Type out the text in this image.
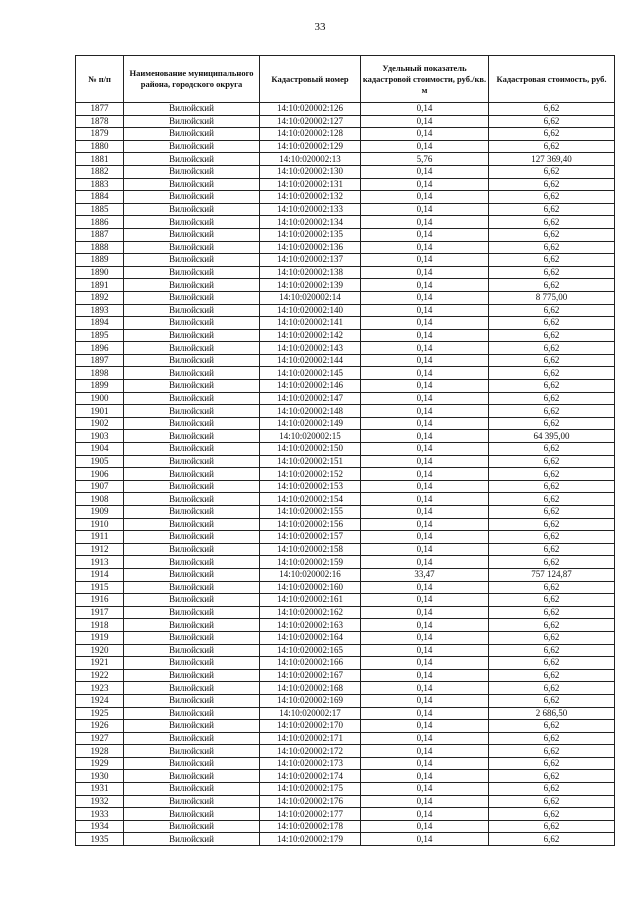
33
№ п/п	Наименование муниципального района, городского округа	Кадастровый номер	Удельный показатель кадастровой стоимости, руб./кв. м	Кадастровая стоимость, руб.
1877	Вилюйский	14:10:020002:126	0,14	6,62
1878	Вилюйский	14:10:020002:127	0,14	6,62
1879	Вилюйский	14:10:020002:128	0,14	6,62
1880	Вилюйский	14:10:020002:129	0,14	6,62
1881	Вилюйский	14:10:020002:13	5,76	127 369,40
1882	Вилюйский	14:10:020002:130	0,14	6,62
1883	Вилюйский	14:10:020002:131	0,14	6,62
1884	Вилюйский	14:10:020002:132	0,14	6,62
1885	Вилюйский	14:10:020002:133	0,14	6,62
1886	Вилюйский	14:10:020002:134	0,14	6,62
1887	Вилюйский	14:10:020002:135	0,14	6,62
1888	Вилюйский	14:10:020002:136	0,14	6,62
1889	Вилюйский	14:10:020002:137	0,14	6,62
1890	Вилюйский	14:10:020002:138	0,14	6,62
1891	Вилюйский	14:10:020002:139	0,14	6,62
1892	Вилюйский	14:10:020002:14	0,14	8 775,00
1893	Вилюйский	14:10:020002:140	0,14	6,62
1894	Вилюйский	14:10:020002:141	0,14	6,62
1895	Вилюйский	14:10:020002:142	0,14	6,62
1896	Вилюйский	14:10:020002:143	0,14	6,62
1897	Вилюйский	14:10:020002:144	0,14	6,62
1898	Вилюйский	14:10:020002:145	0,14	6,62
1899	Вилюйский	14:10:020002:146	0,14	6,62
1900	Вилюйский	14:10:020002:147	0,14	6,62
1901	Вилюйский	14:10:020002:148	0,14	6,62
1902	Вилюйский	14:10:020002:149	0,14	6,62
1903	Вилюйский	14:10:020002:15	0,14	64 395,00
1904	Вилюйский	14:10:020002:150	0,14	6,62
1905	Вилюйский	14:10:020002:151	0,14	6,62
1906	Вилюйский	14:10:020002:152	0,14	6,62
1907	Вилюйский	14:10:020002:153	0,14	6,62
1908	Вилюйский	14:10:020002:154	0,14	6,62
1909	Вилюйский	14:10:020002:155	0,14	6,62
1910	Вилюйский	14:10:020002:156	0,14	6,62
1911	Вилюйский	14:10:020002:157	0,14	6,62
1912	Вилюйский	14:10:020002:158	0,14	6,62
1913	Вилюйский	14:10:020002:159	0,14	6,62
1914	Вилюйский	14:10:020002:16	33,47	757 124,87
1915	Вилюйский	14:10:020002:160	0,14	6,62
1916	Вилюйский	14:10:020002:161	0,14	6,62
1917	Вилюйский	14:10:020002:162	0,14	6,62
1918	Вилюйский	14:10:020002:163	0,14	6,62
1919	Вилюйский	14:10:020002:164	0,14	6,62
1920	Вилюйский	14:10:020002:165	0,14	6,62
1921	Вилюйский	14:10:020002:166	0,14	6,62
1922	Вилюйский	14:10:020002:167	0,14	6,62
1923	Вилюйский	14:10:020002:168	0,14	6,62
1924	Вилюйский	14:10:020002:169	0,14	6,62
1925	Вилюйский	14:10:020002:17	0,14	2 686,50
1926	Вилюйский	14:10:020002:170	0,14	6,62
1927	Вилюйский	14:10:020002:171	0,14	6,62
1928	Вилюйский	14:10:020002:172	0,14	6,62
1929	Вилюйский	14:10:020002:173	0,14	6,62
1930	Вилюйский	14:10:020002:174	0,14	6,62
1931	Вилюйский	14:10:020002:175	0,14	6,62
1932	Вилюйский	14:10:020002:176	0,14	6,62
1933	Вилюйский	14:10:020002:177	0,14	6,62
1934	Вилюйский	14:10:020002:178	0,14	6,62
1935	Вилюйский	14:10:020002:179	0,14	6,62
